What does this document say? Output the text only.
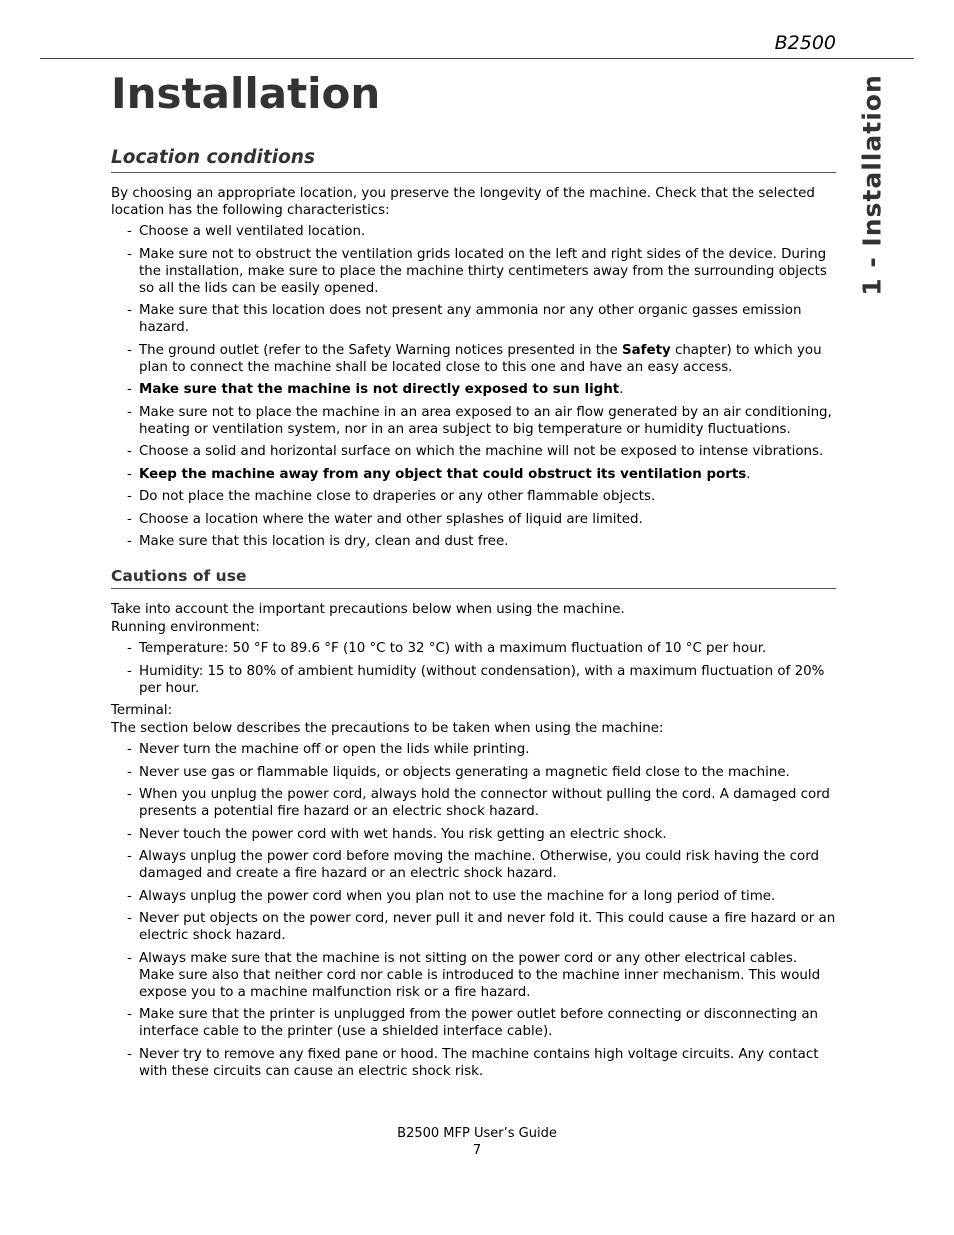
B2500
1 - Installation
Installation
Location conditions

By choosing an appropriate location, you preserve the longevity of the machine. Check that the selected location has the following characteristics:

- Choose a well ventilated location.
- Make sure not to obstruct the ventilation grids located on the left and right sides of the device. During the installation, make sure to place the machine thirty centimeters away from the surrounding objects so all the lids can be easily opened.
- Make sure that this location does not present any ammonia nor any other organic gasses emission hazard.
- The ground outlet (refer to the Safety Warning notices presented in the Safety chapter) to which you plan to connect the machine shall be located close to this one and have an easy access.
- Make sure that the machine is not directly exposed to sun light.
- Make sure not to place the machine in an area exposed to an air flow generated by an air conditioning, heating or ventilation system, nor in an area subject to big temperature or humidity fluctuations.
- Choose a solid and horizontal surface on which the machine will not be exposed to intense vibrations.
- Keep the machine away from any object that could obstruct its ventilation ports.
- Do not place the machine close to draperies or any other flammable objects.
- Choose a location where the water and other splashes of liquid are limited.
- Make sure that this location is dry, clean and dust free.
Cautions of use

Take into account the important precautions below when using the machine.

Running environment:

- Temperature: 50 °F to 89.6 °F (10 °C to 32 °C) with a maximum fluctuation of 10 °C per hour.
- Humidity: 15 to 80% of ambient humidity (without condensation), with a maximum fluctuation of 20% per hour.

Terminal:

The section below describes the precautions to be taken when using the machine:

- Never turn the machine off or open the lids while printing.
- Never use gas or flammable liquids, or objects generating a magnetic field close to the machine.
- When you unplug the power cord, always hold the connector without pulling the cord. A damaged cord presents a potential fire hazard or an electric shock hazard.
- Never touch the power cord with wet hands. You risk getting an electric shock.
- Always unplug the power cord before moving the machine. Otherwise, you could risk having the cord damaged and create a fire hazard or an electric shock hazard.
- Always unplug the power cord when you plan not to use the machine for a long period of time.
- Never put objects on the power cord, never pull it and never fold it. This could cause a fire hazard or an electric shock hazard.
- Always make sure that the machine is not sitting on the power cord or any other electrical cables. Make sure also that neither cord nor cable is introduced to the machine inner mechanism. This would expose you to a machine malfunction risk or a fire hazard.
- Make sure that the printer is unplugged from the power outlet before connecting or disconnecting an interface cable to the printer (use a shielded interface cable).
- Never try to remove any fixed pane or hood. The machine contains high voltage circuits. Any contact with these circuits can cause an electric shock risk.
B2500 MFP User’s Guide
7
